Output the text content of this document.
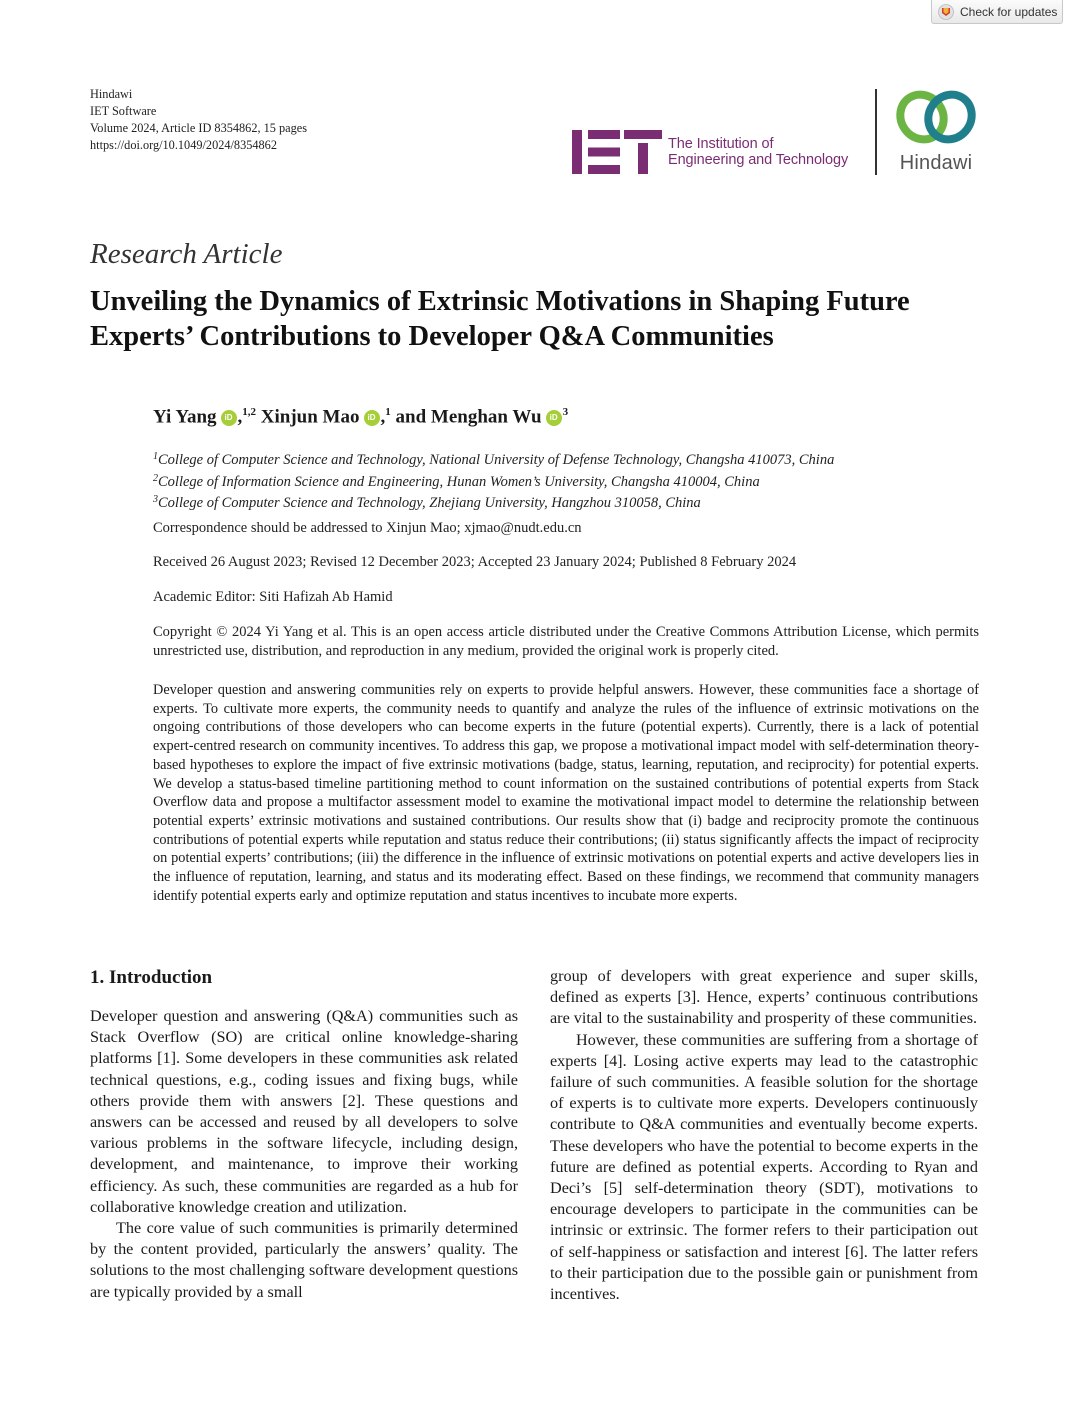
Check for updates
Hindawi
IET Software
Volume 2024, Article ID 8354862, 15 pages
https://doi.org/10.1049/2024/8354862	The Institution of
Engineering and Technology	Hindawi
Research Article
Unveiling the Dynamics of Extrinsic Motivations in Shaping Future Experts’ Contributions to Developer Q&A Communities
Yi Yang iD ,$^{1,2}$ Xinjun Mao iD ,$^1$ and Menghan Wu iD $^3$
$^1$College of Computer Science and Technology, National University of Defense Technology, Changsha 410073, China
$^2$College of Information Science and Engineering, Hunan Women’s University, Changsha 410004, China
$^3$College of Computer Science and Technology, Zhejiang University, Hangzhou 310058, China
Correspondence should be addressed to Xinjun Mao; xjmao@nudt.edu.cn
Received 26 August 2023; Revised 12 December 2023; Accepted 23 January 2024; Published 8 February 2024
Academic Editor: Siti Hafizah Ab Hamid
Copyright © 2024 Yi Yang et al. This is an open access article distributed under the Creative Commons Attribution License, which permits unrestricted use, distribution, and reproduction in any medium, provided the original work is properly cited.
Developer question and answering communities rely on experts to provide helpful answers. However, these communities face a shortage of experts. To cultivate more experts, the community needs to quantify and analyze the rules of the influence of extrinsic motivations on the ongoing contributions of those developers who can become experts in the future (potential experts). Currently, there is a lack of potential expert-centred research on community incentives. To address this gap, we propose a motivational impact model with self-determination theory-based hypotheses to explore the impact of five extrinsic motivations (badge, status, learning, reputation, and reciprocity) for potential experts. We develop a status-based timeline partitioning method to count information on the sustained contributions of potential experts from Stack Overflow data and propose a multifactor assessment model to examine the motivational impact model to determine the relationship between potential experts’ extrinsic motivations and sustained contributions. Our results show that (i) badge and reciprocity promote the continuous contributions of potential experts while reputation and status reduce their contributions; (ii) status significantly affects the impact of reciprocity on potential experts’ contributions; (iii) the difference in the influence of extrinsic motivations on potential experts and active developers lies in the influence of reputation, learning, and status and its moderating effect. Based on these findings, we recommend that community managers identify potential experts early and optimize reputation and status incentives to incubate more experts.
1. Introduction

Developer question and answering (Q&A) communities such as Stack Overflow (SO) are critical online knowledge-sharing platforms [1]. Some developers in these communities ask related technical questions, e.g., coding issues and fixing bugs, while others provide them with answers [2]. These questions and answers can be accessed and reused by all developers to solve various problems in the software lifecycle, including design, development, and maintenance, to improve their working efficiency. As such, these communities are regarded as a hub for collaborative knowledge creation and utilization.

The core value of such communities is primarily determined by the content provided, particularly the answers’ quality. The solutions to the most challenging software development questions are typically provided by a small

group of developers with great experience and super skills, defined as experts [3]. Hence, experts’ continuous contributions are vital to the sustainability and prosperity of these communities.

However, these communities are suffering from a shortage of experts [4]. Losing active experts may lead to the catastrophic failure of such communities. A feasible solution for the shortage of experts is to cultivate more experts. Developers continuously contribute to Q&A communities and eventually become experts. These developers who have the potential to become experts in the future are defined as potential experts. According to Ryan and Deci’s [5] self-determination theory (SDT), motivations to encourage developers to participate in the communities can be intrinsic or extrinsic. The former refers to their participation out of self-happiness or satisfaction and interest [6]. The latter refers to their participation due to the possible gain or punishment from incentives.
